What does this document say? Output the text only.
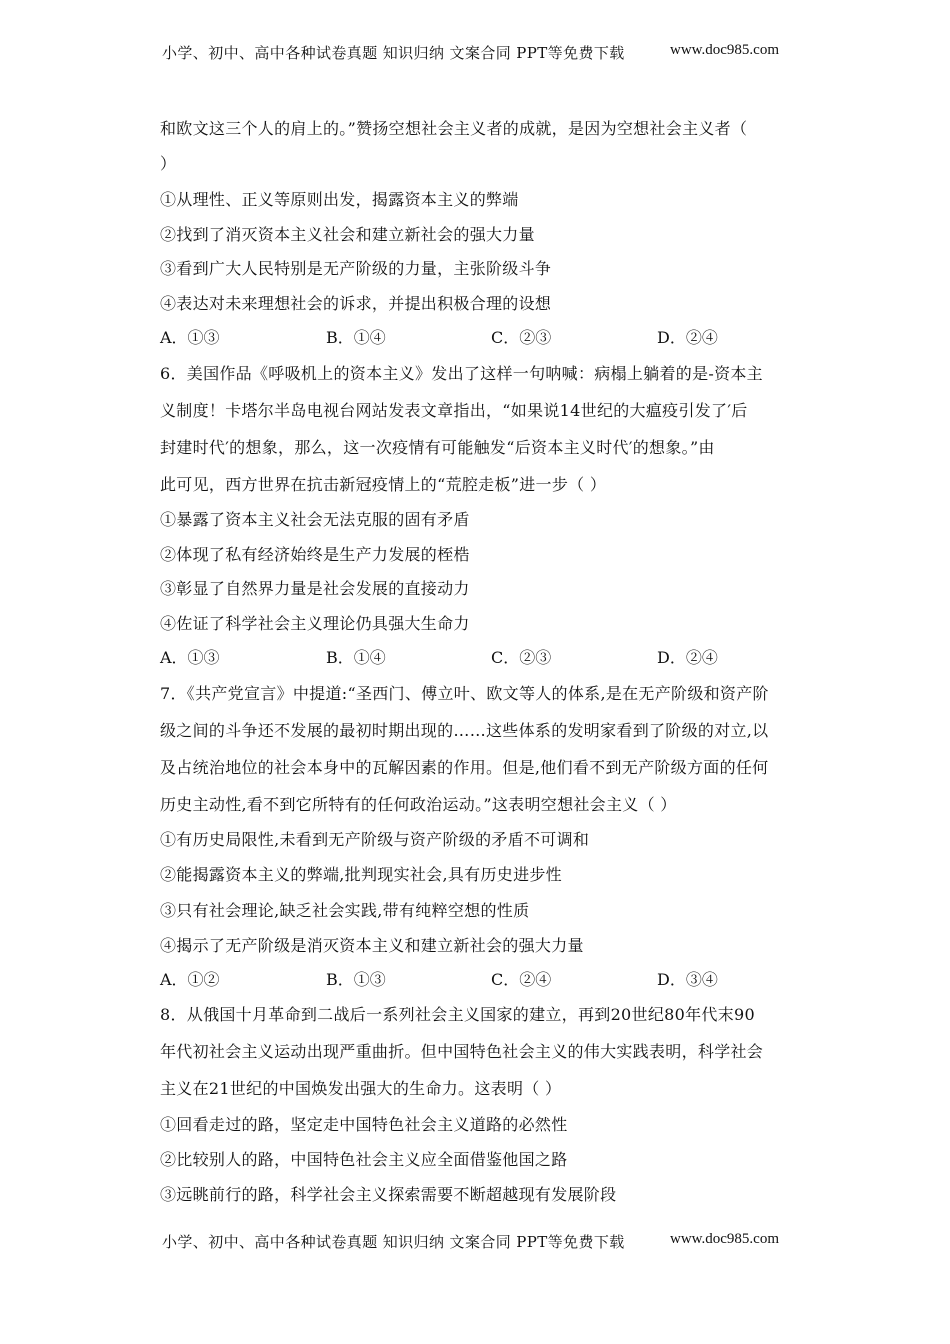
小学、初中、高中各种试卷真题 知识归纳 文案合同 PPT等免费下载	www.doc985.com
和欧文这三个人的肩上的。”赞扬空想社会主义者的成就，是因为空想社会主义者（
）
①从理性、正义等原则出发，揭露资本主义的弊端
②找到了消灭资本主义社会和建立新社会的强大力量
③看到广大人民特别是无产阶级的力量，主张阶级斗争
④表达对未来理想社会的诉求，并提出积极合理的设想
A．①③	B．①④	C．②③	D．②④
6．美国作品《呼吸机上的资本主义》发出了这样一句呐喊：病榻上躺着的是-资本主
义制度！卡塔尔半岛电视台网站发表文章指出，“如果说14世纪的大瘟疫引发了′后
封建时代′的想象，那么，这一次疫情有可能触发“后资本主义时代′的想象。”由
此可见，西方世界在抗击新冠疫情上的“荒腔走板”进一步（ ）
①暴露了资本主义社会无法克服的固有矛盾
②体现了私有经济始终是生产力发展的桎梏
③彰显了自然界力量是社会发展的直接动力
④佐证了科学社会主义理论仍具强大生命力
A．①③	B．①④	C．②③	D．②④
7．《共产党宣言》中提道:“圣西门、傅立叶、欧文等人的体系,是在无产阶级和资产阶
级之间的斗争还不发展的最初时期出现的……这些体系的发明家看到了阶级的对立,以
及占统治地位的社会本身中的瓦解因素的作用。但是,他们看不到无产阶级方面的任何
历史主动性,看不到它所特有的任何政治运动。”这表明空想社会主义（ ）
①有历史局限性,未看到无产阶级与资产阶级的矛盾不可调和
②能揭露资本主义的弊端,批判现实社会,具有历史进步性
③只有社会理论,缺乏社会实践,带有纯粹空想的性质
④揭示了无产阶级是消灭资本主义和建立新社会的强大力量
A．①②	B．①③	C．②④	D．③④
8．从俄国十月革命到二战后一系列社会主义国家的建立，再到20世纪80年代末90
年代初社会主义运动出现严重曲折。但中国特色社会主义的伟大实践表明，科学社会
主义在21世纪的中国焕发出强大的生命力。这表明（ ）
①回看走过的路，坚定走中国特色社会主义道路的必然性
②比较别人的路，中国特色社会主义应全面借鉴他国之路
③远眺前行的路，科学社会主义探索需要不断超越现有发展阶段
小学、初中、高中各种试卷真题 知识归纳 文案合同 PPT等免费下载	www.doc985.com
